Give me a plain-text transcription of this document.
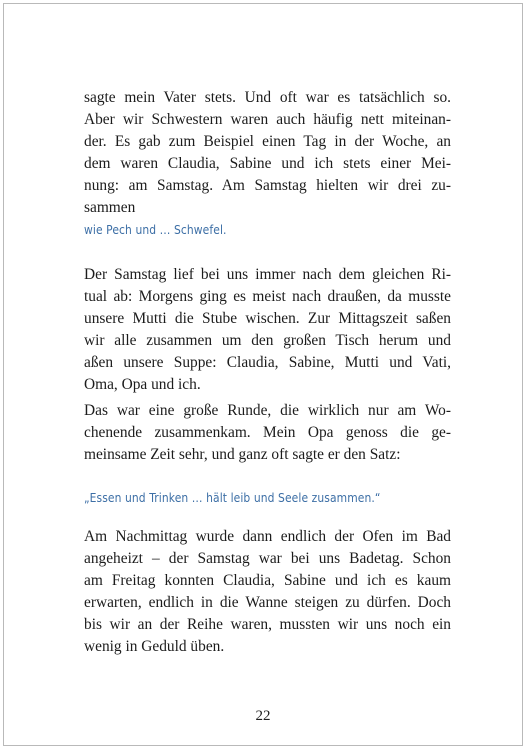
sagte mein Vater stets. Und oft war es tatsächlich so.
Aber wir Schwestern waren auch häufig nett miteinan-
der. Es gab zum Beispiel einen Tag in der Woche, an
dem waren Claudia, Sabine und ich stets einer Mei-
nung: am Samstag. Am Samstag hielten wir drei zu-
sammen
wie Pech und … Schwefel.
Der Samstag lief bei uns immer nach dem gleichen Ri-
tual ab: Morgens ging es meist nach draußen, da musste
unsere Mutti die Stube wischen. Zur Mittagszeit saßen
wir alle zusammen um den großen Tisch herum und
aßen unsere Suppe: Claudia, Sabine, Mutti und Vati,
Oma, Opa und ich.
Das war eine große Runde, die wirklich nur am Wo-
chenende zusammenkam. Mein Opa genoss die ge-
meinsame Zeit sehr, und ganz oft sagte er den Satz:
„Essen und Trinken … hält leib und Seele zusammen.“
Am Nachmittag wurde dann endlich der Ofen im Bad
angeheizt – der Samstag war bei uns Badetag. Schon
am Freitag konnten Claudia, Sabine und ich es kaum
erwarten, endlich in die Wanne steigen zu dürfen. Doch
bis wir an der Reihe waren, mussten wir uns noch ein
wenig in Geduld üben.
22
